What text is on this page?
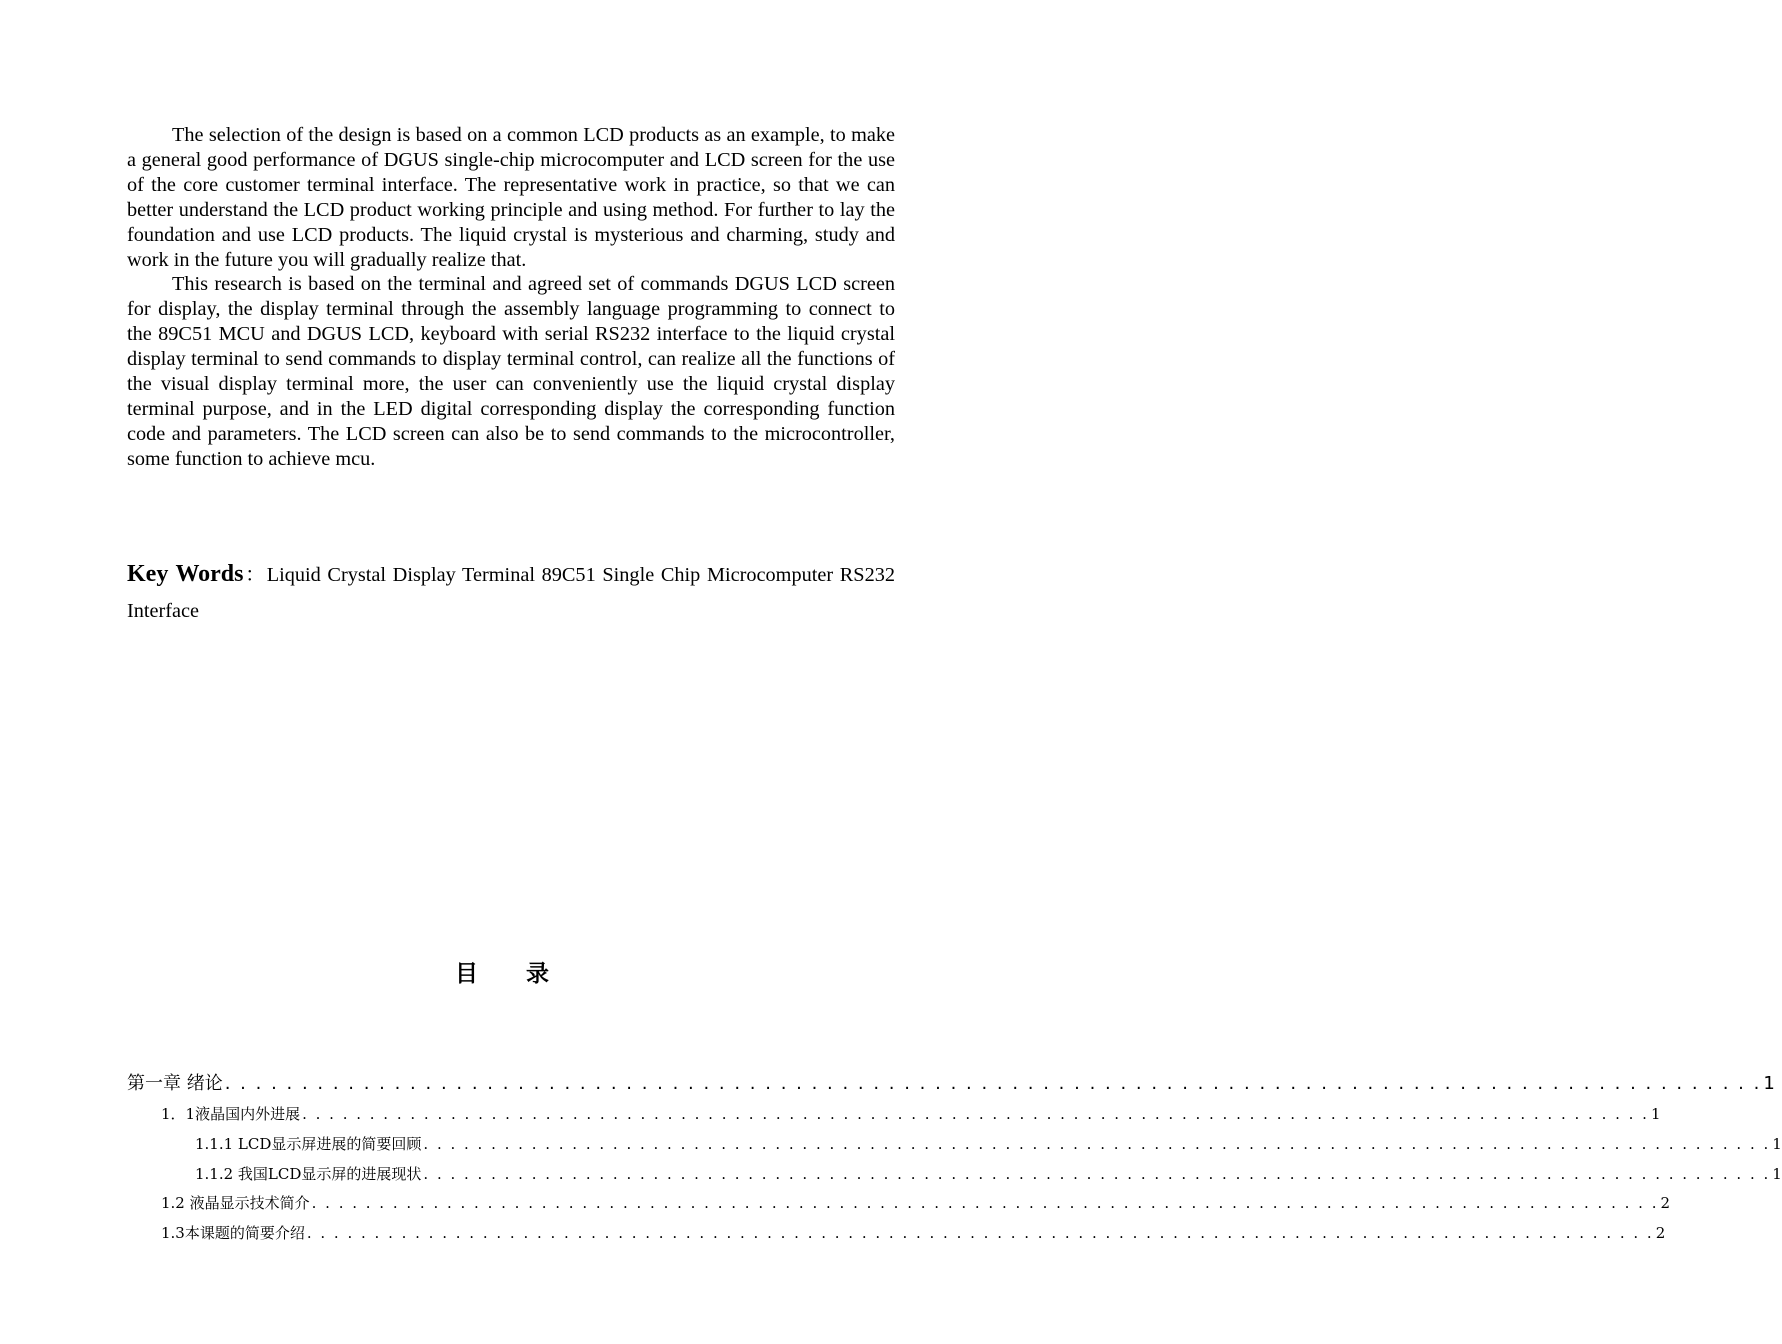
The selection of the design is based on a common LCD products as an example, to make a general good performance of DGUS single-chip microcomputer and LCD screen for the use of the core customer terminal interface. The representative work in practice, so that we can better understand the LCD product working principle and using method. For further to lay the foundation and use LCD products. The liquid crystal is mysterious and charming, study and work in the future you will gradually realize that.

This research is based on the terminal and agreed set of commands DGUS LCD screen for display, the display terminal through the assembly language programming to connect to the 89C51 MCU and DGUS LCD, keyboard with serial RS232 interface to the liquid crystal display terminal to send commands to display terminal control, can realize all the functions of the visual display terminal more, the user can conveniently use the liquid crystal display terminal purpose, and in the LED digital corresponding display the corresponding function code and parameters. The LCD screen can also be to send commands to the microcontroller, some function to achieve mcu.

Key Words：Liquid Crystal Display Terminal 89C51 Single Chip Microcomputer RS232 Interface
目 录
第一章 绪论 . . . . . . . . . . . . . . . . . . . . . . . . . . . . . . . . . . . . . . . . . . . . . . . . . . . . . . . . . . . . . . . . . . . . . . . . . . . . . . . . . . . . . . . . . . . . . . . . . . . . 1
1．1液晶国内外进展 . . . . . . . . . . . . . . . . . . . . . . . . . . . . . . . . . . . . . . . . . . . . . . . . . . . . . . . . . . . . . . . . . . . . . . . . . . . . . . . . . . . . . . . . . . . . . . . . . . . . 1
1.1.1 LCD显示屏进展的简要回顾 . . . . . . . . . . . . . . . . . . . . . . . . . . . . . . . . . . . . . . . . . . . . . . . . . . . . . . . . . . . . . . . . . . . . . . . . . . . . . . . . . . . . . . . . . . . . . . . . . . . . 1
1.1.2 我国LCD显示屏的进展现状 . . . . . . . . . . . . . . . . . . . . . . . . . . . . . . . . . . . . . . . . . . . . . . . . . . . . . . . . . . . . . . . . . . . . . . . . . . . . . . . . . . . . . . . . . . . . . . . . . . . . 1
1.2 液晶显示技术简介 . . . . . . . . . . . . . . . . . . . . . . . . . . . . . . . . . . . . . . . . . . . . . . . . . . . . . . . . . . . . . . . . . . . . . . . . . . . . . . . . . . . . . . . . . . . . . . . . . . . . 2
1.3本课题的简要介绍 . . . . . . . . . . . . . . . . . . . . . . . . . . . . . . . . . . . . . . . . . . . . . . . . . . . . . . . . . . . . . . . . . . . . . . . . . . . . . . . . . . . . . . . . . . . . . . . . . . . . 2
